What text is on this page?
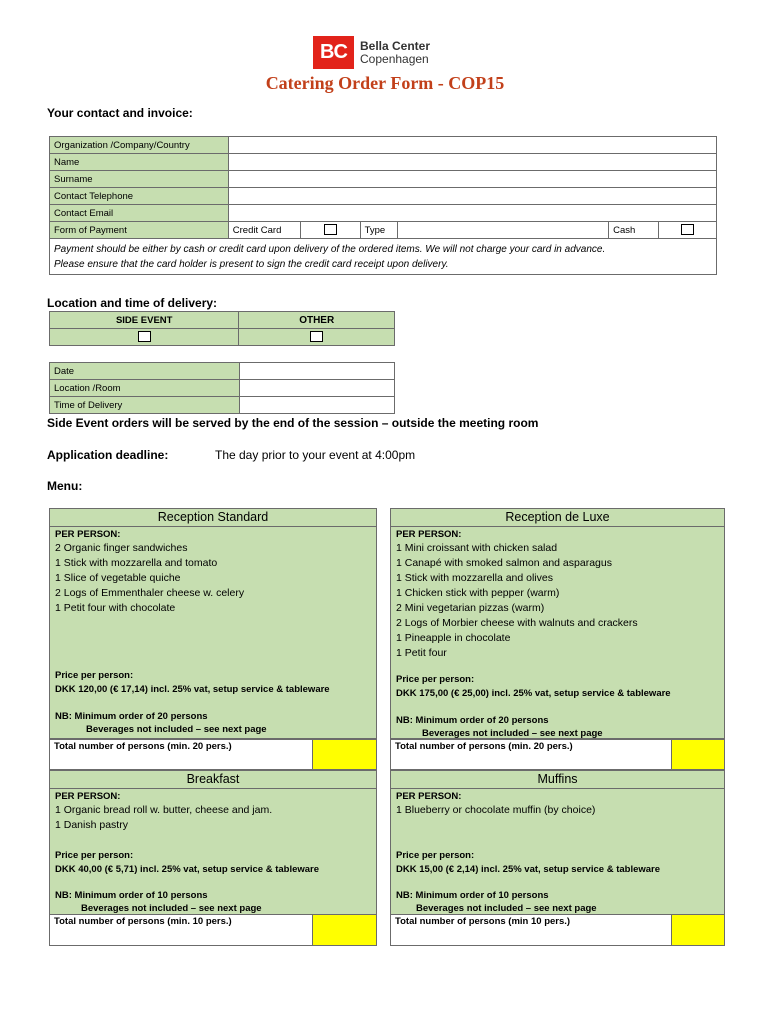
BC	Bella Center
Copenhagen
Catering Order Form - COP15
Your contact and invoice:
Organization /Company/Country						
Name						
Surname						
Contact Telephone						
Contact Email						
Form of Payment	Credit Card		Type		Cash	

Payment should be either by cash or credit card upon delivery of the ordered items. We will not charge your card in advance.
Please ensure that the card holder is present to sign the credit card receipt upon delivery.						
Location and time of delivery:
SIDE EVENT	OTHER

Date	
Location /Room	
Time of Delivery	
Side Event orders will be served by the end of the session – outside the meeting room
Application deadline:	The day prior to your event at 4:00pm
Menu:
Reception Standard
PER PERSON:
2 Organic finger sandwiches
1 Stick with mozzarella and tomato
1 Slice of vegetable quiche
2 Logs of Emmenthaler cheese w. celery
1 Petit four with chocolate
Price per person:
DKK 120,00 (€ 17,14) incl. 25% vat, setup service & tableware
NB: Minimum order of 20 persons
Beverages not included – see next page
Total number of persons (min. 20 pers.)
Reception de Luxe
PER PERSON:
1 Mini croissant with chicken salad
1 Canapé with smoked salmon and asparagus
1 Stick with mozzarella and olives
1 Chicken stick with pepper (warm)
2 Mini vegetarian pizzas (warm)
2 Logs of Morbier cheese with walnuts and crackers
1 Pineapple in chocolate
1 Petit four
Price per person:
DKK 175,00 (€ 25,00) incl. 25% vat, setup service & tableware
NB: Minimum order of 20 persons
Beverages not included – see next page
Total number of persons (min. 20 pers.)
Breakfast
PER PERSON:
1 Organic bread roll w. butter, cheese and jam.
1 Danish pastry
Price per person:
DKK 40,00 (€ 5,71) incl. 25% vat, setup service & tableware
NB: Minimum order of 10 persons
Beverages not included – see next page
Total number of persons (min. 10 pers.)
Muffins
PER PERSON:
1 Blueberry or chocolate muffin (by choice)
Price per person:
DKK 15,00 (€ 2,14) incl. 25% vat, setup service & tableware
NB: Minimum order of 10 persons
Beverages not included – see next page
Total number of persons (min 10 pers.)
